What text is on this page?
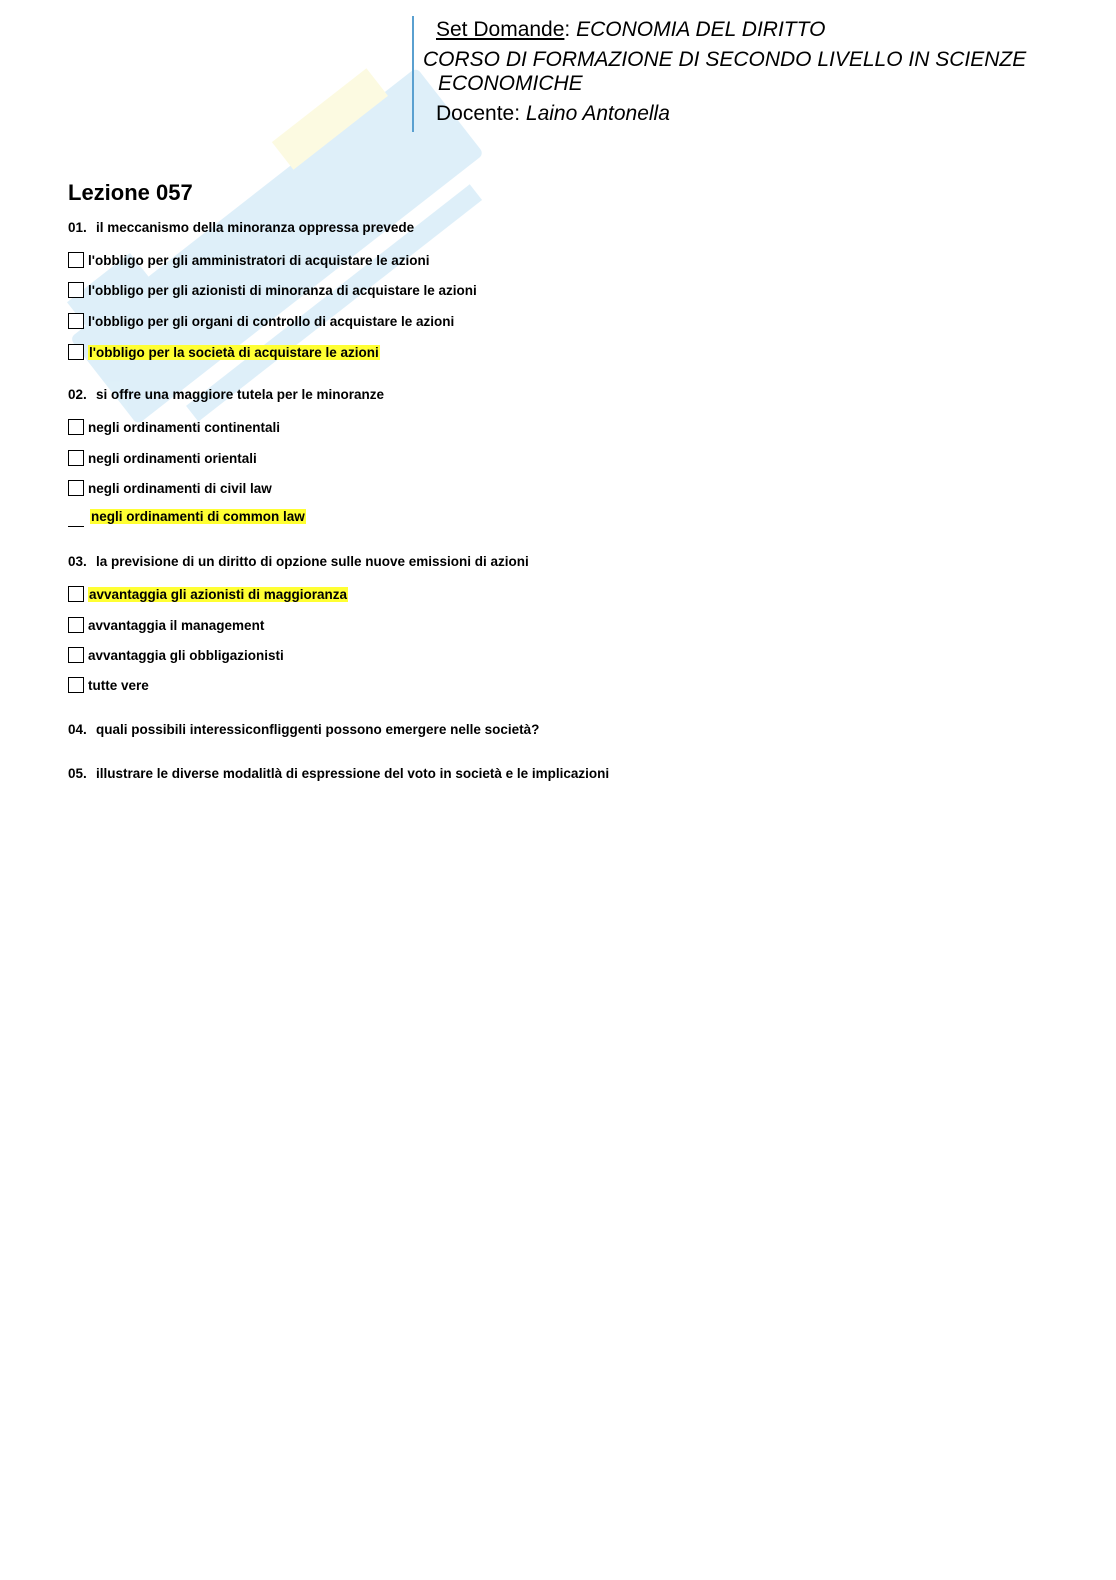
Set Domande: ECONOMIA DEL DIRITTO
CORSO DI FORMAZIONE DI SECONDO LIVELLO IN SCIENZE
ECONOMICHE
Docente: Laino Antonella
Lezione 057
01. il meccanismo della minoranza oppressa prevede
l'obbligo per gli amministratori di acquistare le azioni
l'obbligo per gli azionisti di minoranza di acquistare le azioni
l'obbligo per gli organi di controllo di acquistare le azioni
l'obbligo per la società di acquistare le azioni
02. si offre una maggiore tutela per le minoranze
negli ordinamenti continentali
negli ordinamenti orientali
negli ordinamenti di civil law
negli ordinamenti di common law
03. la previsione di un diritto di opzione sulle nuove emissioni di azioni
avvantaggia gli azionisti di maggioranza
avvantaggia il management
avvantaggia gli obbligazionisti
tutte vere
04. quali possibili interessiconfliggenti possono emergere nelle società?
05. illustrare le diverse modalitlà di espressione del voto in società e le implicazioni
